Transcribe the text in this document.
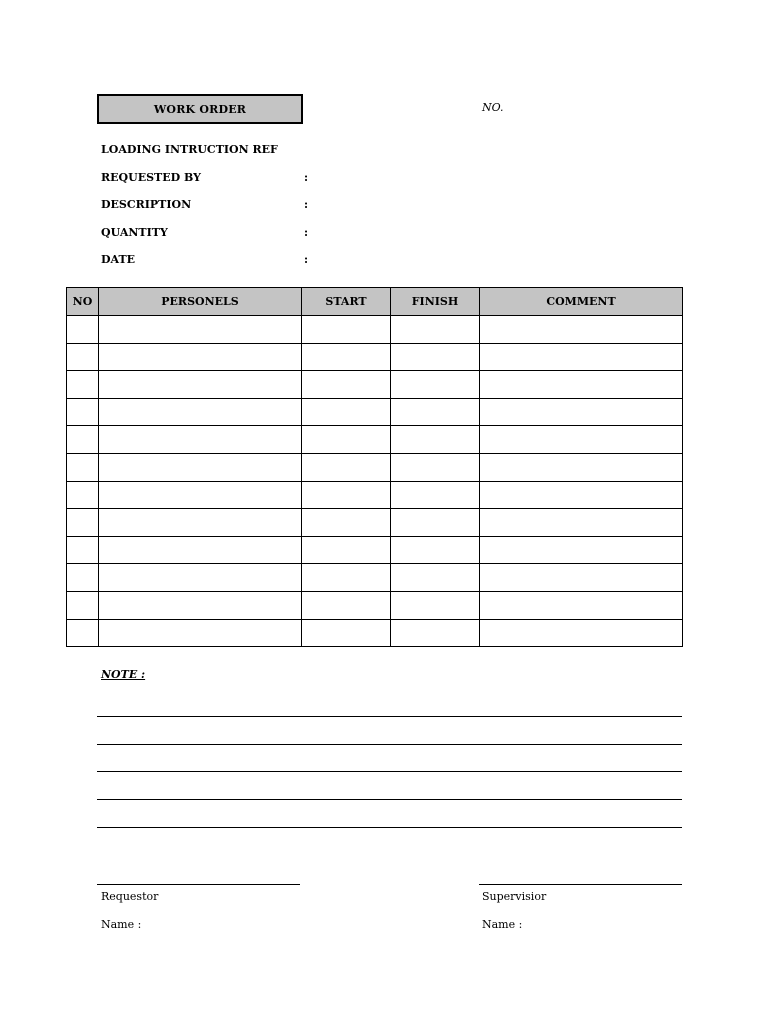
WORK ORDER	NO.
LOADING INTRUCTION REF
REQUESTED BY	:
DESCRIPTION	:
QUANTITY	:
DATE	:
NO	PERSONELS	START	FINISH	COMMENT

NOTE :
Requestor
Name :
Supervisior
Name :
